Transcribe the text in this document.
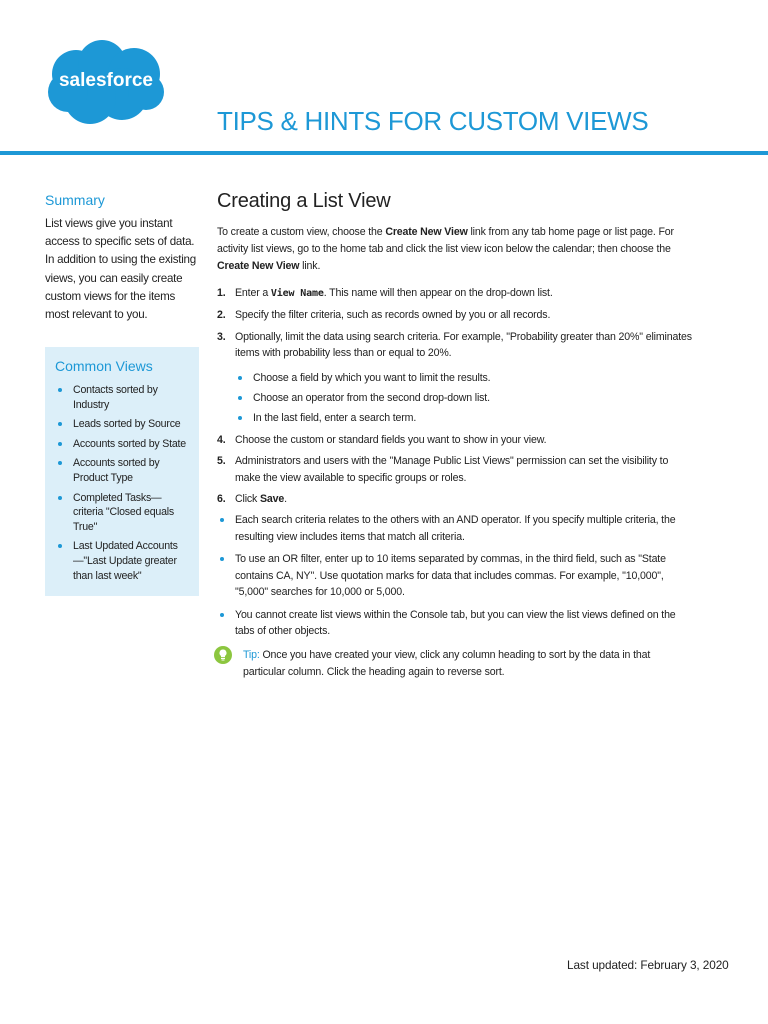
salesforce
TIPS & HINTS FOR CUSTOM VIEWS
Summary
List views give you instant access to specific sets of data. In addition to using the existing views, you can easily create custom views for the items most relevant to you.
Common Views
Contacts sorted by Industry
Leads sorted by Source
Accounts sorted by State
Accounts sorted by Product Type
Completed Tasks—criteria "Closed equals True"
Last Updated Accounts—"Last Update greater than last week"
Creating a List View

To create a custom view, choose the Create New View link from any tab home page or list page. For activity list views, go to the home tab and click the list view icon below the calendar; then choose the Create New View link.

1. Enter a View Name. This name will then appear on the drop-down list.
2. Specify the filter criteria, such as records owned by you or all records.
3. Optionally, limit the data using search criteria. For example, "Probability greater than 20%" eliminates items with probability less than or equal to 20%.
Choose a field by which you want to limit the results.
Choose an operator from the second drop-down list.
In the last field, enter a search term.
4. Choose the custom or standard fields you want to show in your view.
5. Administrators and users with the "Manage Public List Views" permission can set the visibility to make the view available to specific groups or roles.
6. Click Save.
Each search criteria relates to the others with an AND operator. If you specify multiple criteria, the resulting view includes items that match all criteria.
To use an OR filter, enter up to 10 items separated by commas, in the third field, such as "State contains CA, NY". Use quotation marks for data that includes commas. For example, "10,000", "5,000" searches for 10,000 or 5,000.
You cannot create list views within the Console tab, but you can view the list views defined on the tabs of other objects.
Tip: Once you have created your view, click any column heading to sort by the data in that particular column. Click the heading again to reverse sort.
Last updated: February 3, 2020
